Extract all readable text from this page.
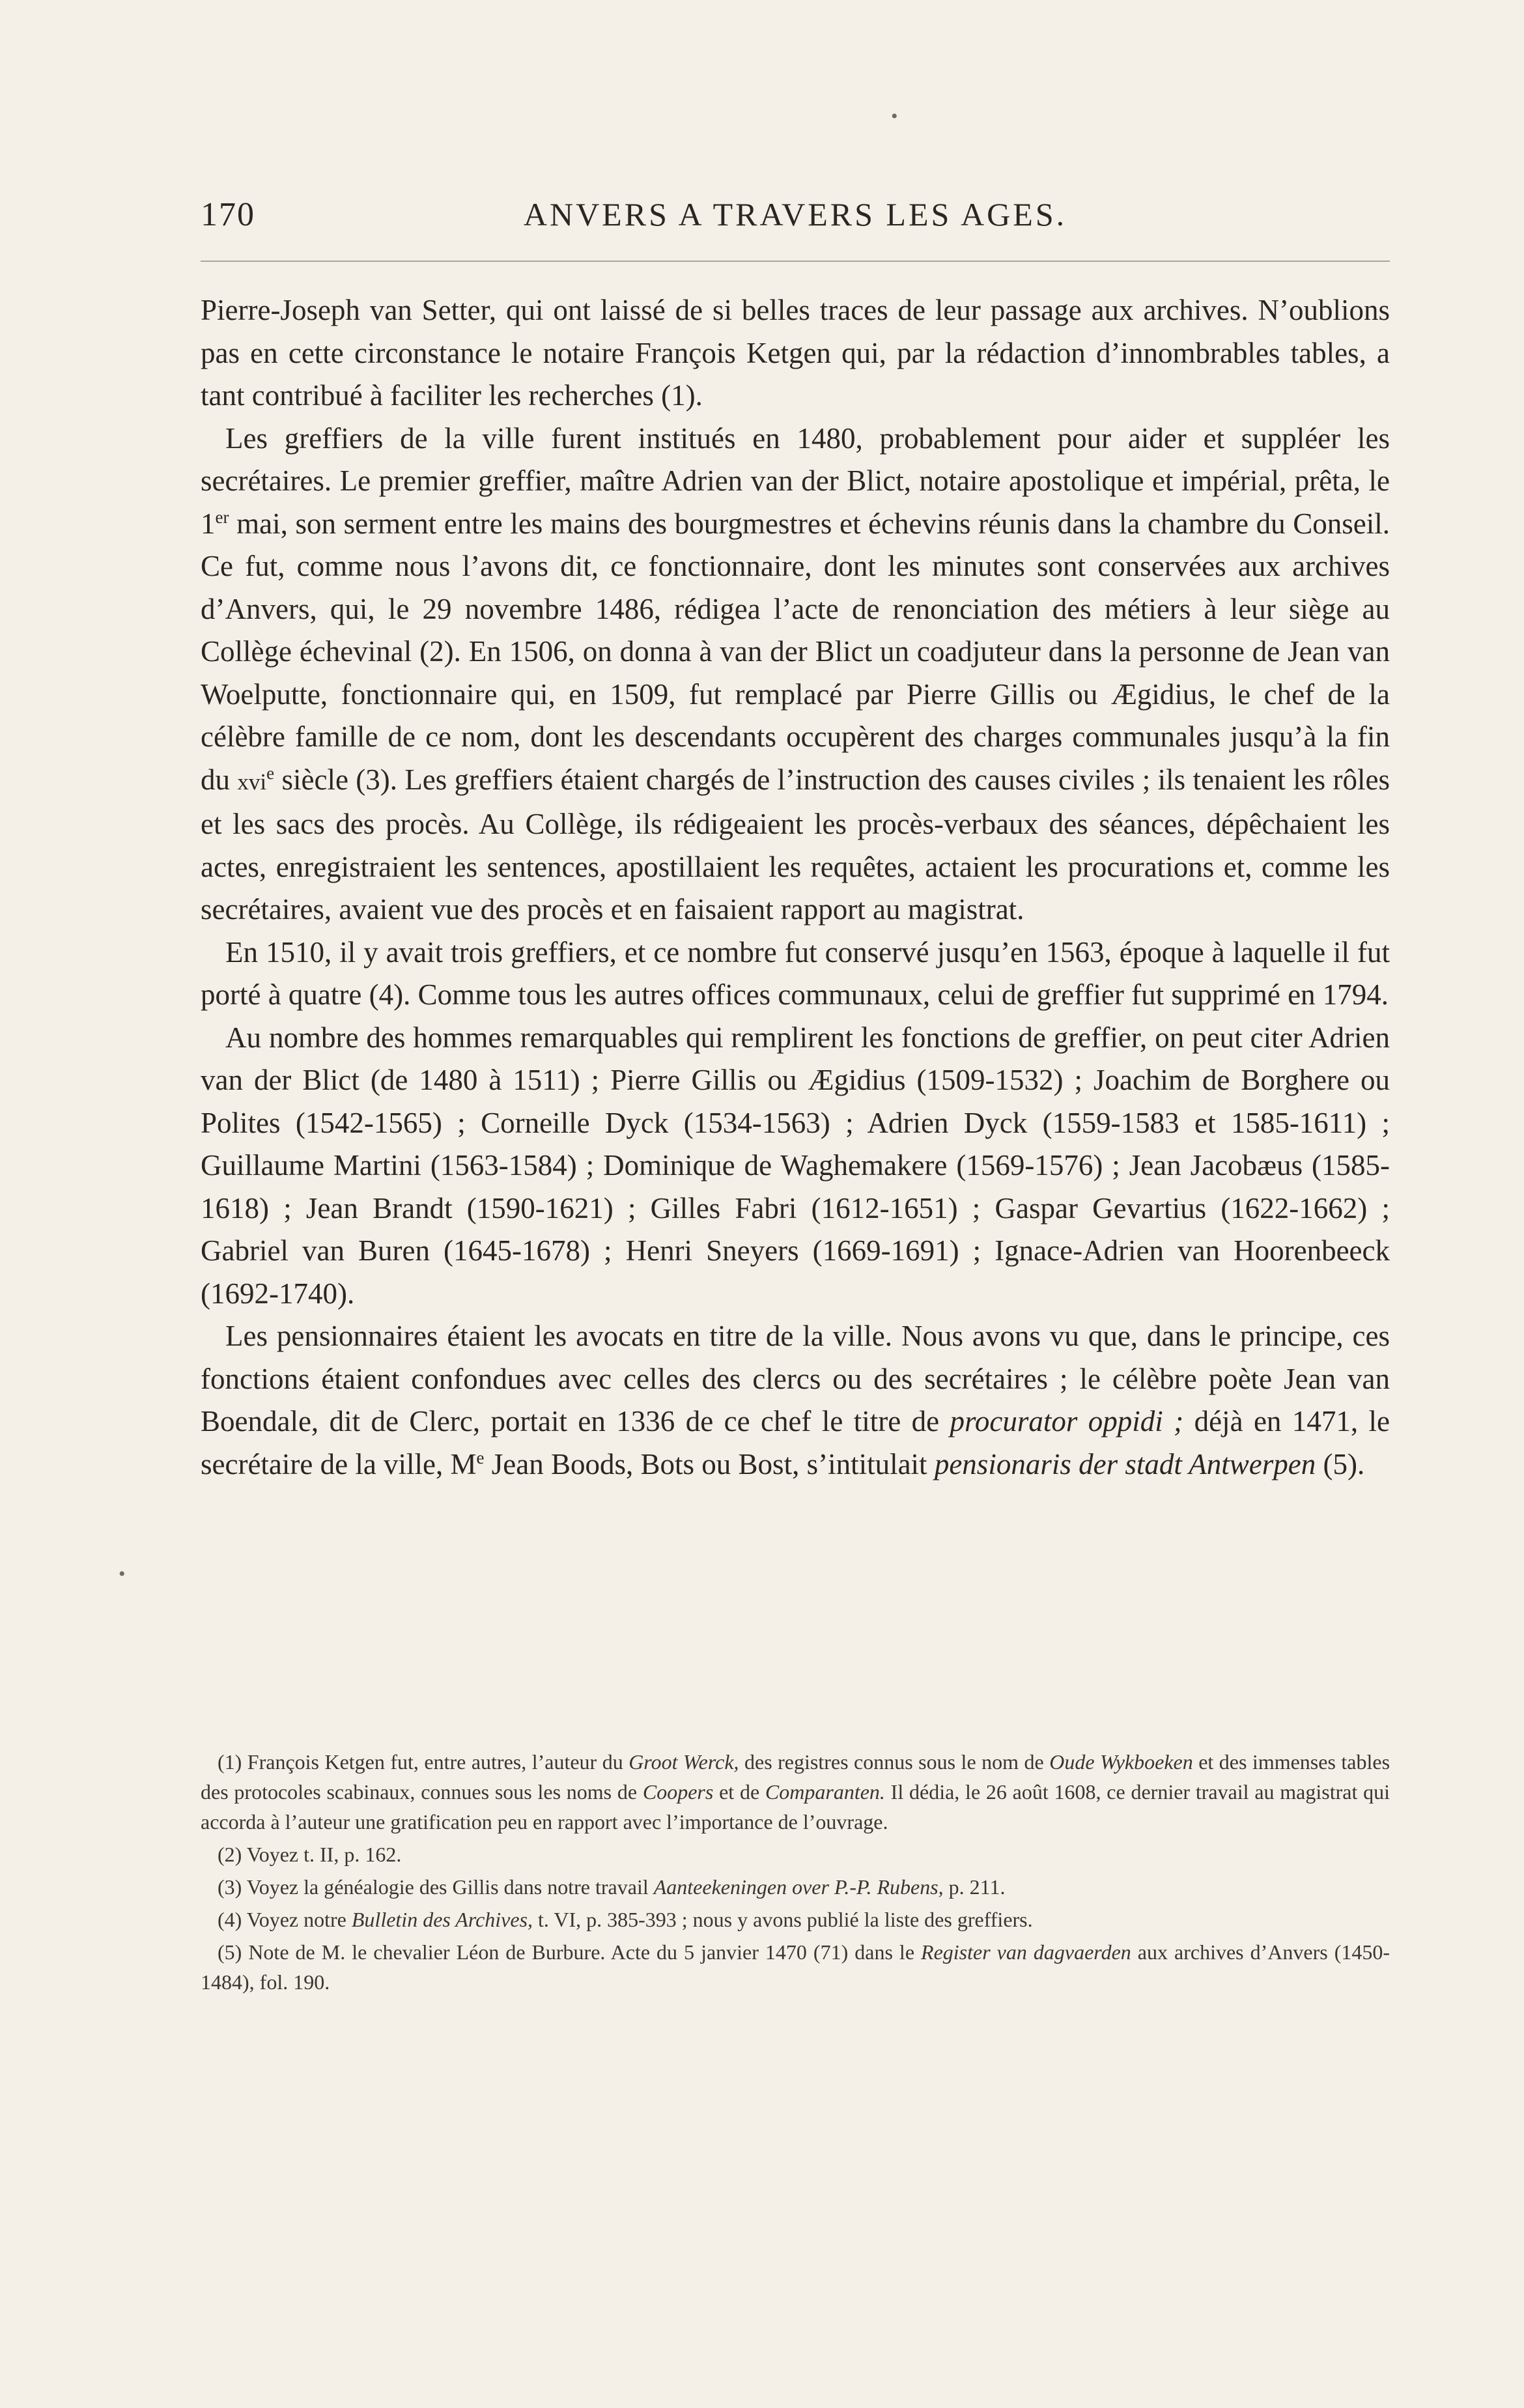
170	ANVERS A TRAVERS LES AGES.

Pierre-Joseph van Setter, qui ont laissé de si belles traces de leur passage aux archives. N’oublions pas en cette circonstance le notaire François Ketgen qui, par la rédaction d’innombrables tables, a tant contribué à faciliter les recherches (1).

Les greffiers de la ville furent institués en 1480, probablement pour aider et suppléer les secrétaires. Le premier greffier, maître Adrien van der Blict, notaire apostolique et impérial, prêta, le 1er mai, son serment entre les mains des bourgmestres et échevins réunis dans la chambre du Conseil. Ce fut, comme nous l’avons dit, ce fonctionnaire, dont les minutes sont conservées aux archives d’Anvers, qui, le 29 novembre 1486, rédigea l’acte de renonciation des métiers à leur siège au Collège échevinal (2). En 1506, on donna à van der Blict un coadjuteur dans la personne de Jean van Woelputte, fonctionnaire qui, en 1509, fut remplacé par Pierre Gillis ou Ægidius, le chef de la célèbre famille de ce nom, dont les descendants occupèrent des charges communales jusqu’à la fin du xvi$^e$ siècle (3). Les greffiers étaient chargés de l’instruction des causes civiles ; ils tenaient les rôles et les sacs des procès. Au Collège, ils rédigeaient les procès-verbaux des séances, dépêchaient les actes, enregistraient les sentences, apostillaient les requêtes, actaient les procurations et, comme les secrétaires, avaient vue des procès et en faisaient rapport au magistrat.

En 1510, il y avait trois greffiers, et ce nombre fut conservé jusqu’en 1563, époque à laquelle il fut porté à quatre (4). Comme tous les autres offices communaux, celui de greffier fut supprimé en 1794.

Au nombre des hommes remarquables qui remplirent les fonctions de greffier, on peut citer Adrien van der Blict (de 1480 à 1511) ; Pierre Gillis ou Ægidius (1509-1532) ; Joachim de Borghere ou Polites (1542-1565) ; Corneille Dyck (1534-1563) ; Adrien Dyck (1559-1583 et 1585-1611) ; Guillaume Martini (1563-1584) ; Dominique de Waghemakere (1569-1576) ; Jean Jacobæus (1585-1618) ; Jean Brandt (1590-1621) ; Gilles Fabri (1612-1651) ; Gaspar Gevartius (1622-1662) ; Gabriel van Buren (1645-1678) ; Henri Sneyers (1669-1691) ; Ignace-Adrien van Hoorenbeeck (1692-1740).

Les pensionnaires étaient les avocats en titre de la ville. Nous avons vu que, dans le principe, ces fonctions étaient confondues avec celles des clercs ou des secrétaires ; le célèbre poète Jean van Boendale, dit de Clerc, portait en 1336 de ce chef le titre de procurator oppidi ; déjà en 1471, le secrétaire de la ville, Me Jean Boods, Bots ou Bost, s’intitulait pensionaris der stadt Antwerpen (5).

(1) François Ketgen fut, entre autres, l’auteur du Groot Werck, des registres connus sous le nom de Oude Wykboeken et des immenses tables des protocoles scabinaux, connues sous les noms de Coopers et de Comparanten. Il dédia, le 26 août 1608, ce dernier travail au magistrat qui accorda à l’auteur une gratification peu en rapport avec l’importance de l’ouvrage.

(2) Voyez t. II, p. 162.

(3) Voyez la généalogie des Gillis dans notre travail Aanteekeningen over P.-P. Rubens, p. 211.

(4) Voyez notre Bulletin des Archives, t. VI, p. 385-393 ; nous y avons publié la liste des greffiers.

(5) Note de M. le chevalier Léon de Burbure. Acte du 5 janvier 1470 (71) dans le Register van dagvaerden aux archives d’Anvers (1450-1484), fol. 190.

•
•
